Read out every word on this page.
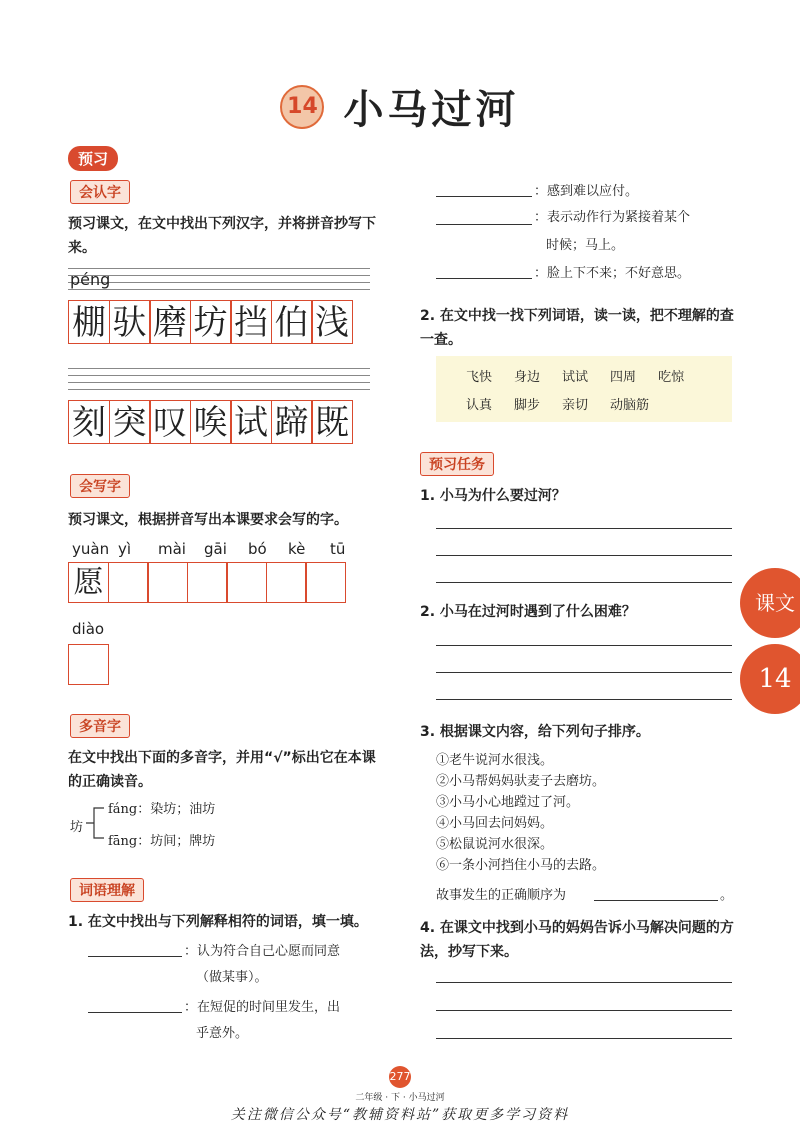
14 小马过河
预习
会认字
预习课文，在文中找出下列汉字，并将拼音抄写下来。
péng
棚 驮 磨 坊 挡 伯 浅
刻 突 叹 唉 试 蹄 既
会写字
预习课文，根据拼音写出本课要求会写的字。
yuàn yì	mài	gāi	bó	kè	tū
愿
diào
多音字
在文中找出下面的多音字，并用“√”标出它在本课的正确读音。
坊
fáng：染坊；油坊
fāng：坊间；牌坊
词语理解
1. 在文中找出与下列解释相符的词语，填一填。
：认为符合自己心愿而同意
（做某事）。
：在短促的时间里发生，出
乎意外。
：感到难以应付。
：表示动作行为紧接着某个
时候；马上。
：脸上下不来；不好意思。
2. 在文中找一找下列词语，读一读，把不理解的查一查。
飞快 身边 试试 四周 吃惊
认真 脚步 亲切 动脑筋
预习任务
1. 小马为什么要过河？
2. 小马在过河时遇到了什么困难？
3. 根据课文内容，给下列句子排序。
①老牛说河水很浅。
②小马帮妈妈驮麦子去磨坊。
③小马小心地蹚过了河。
④小马回去问妈妈。
⑤松鼠说河水很深。
⑥一条小河挡住小马的去路。
故事发生的正确顺序为	。
4. 在课文中找到小马的妈妈告诉小马解决问题的方法，抄写下来。
课文
14
277
二年级 · 下 · 小马过河
关注微信公众号“教辅资料站”获取更多学习资料
